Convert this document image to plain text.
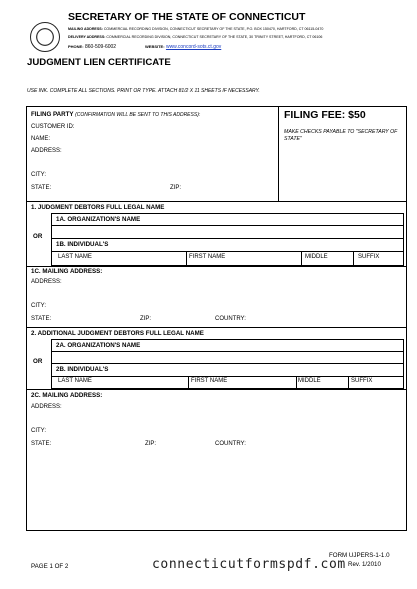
SECRETARY OF THE STATE OF CONNECTICUT
MAILING ADDRESS: COMMERCIAL RECORDING DIVISION, CONNECTICUT SECRETARY OF THE STATE, P.O. BOX 150470, HARTFORD, CT 06115-0470
DELIVERY ADDRESS: COMMERCIAL RECORDING DIVISION, CONNECTICUT SECRETARY OF THE STATE, 30 TRINITY STREET, HARTFORD, CT 06106
PHONE: 860-509-6002	WEBSITE: www.concord-sots.ct.gov
JUDGMENT LIEN CERTIFICATE
USE INK. COMPLETE ALL SECTIONS. PRINT OR TYPE. ATTACH 81/2 X 11 SHEETS IF NECESSARY.
FILING PARTY (CONFIRMATION WILL BE SENT TO THIS ADDRESS):
CUSTOMER ID:
NAME:
ADDRESS:
CITY:
STATE:	ZIP:
FILING FEE: $50
MAKE CHECKS PAYABLE TO "SECRETARY OF STATE"
1. JUDGMENT DEBTORS FULL LEGAL NAME
1A. ORGANIZATION'S NAME
OR
1B. INDIVIDUAL'S
LAST NAME	FIRST NAME	MIDDLE	SUFFIX
1C. MAILING ADDRESS:
ADDRESS:
CITY:
STATE:	ZIP:	COUNTRY:
2. ADDITIONAL JUDGMENT DEBTORS FULL LEGAL NAME
2A. ORGANIZATION'S NAME
OR
2B. INDIVIDUAL'S
LAST NAME	FIRST NAME	MIDDLE	SUFFIX
2C. MAILING ADDRESS:
ADDRESS:
CITY:
STATE:	ZIP:	COUNTRY:
PAGE 1 OF 2
FORM UJPERS-1-1.0
Rev. 1/2010
connecticutformspdf.com
